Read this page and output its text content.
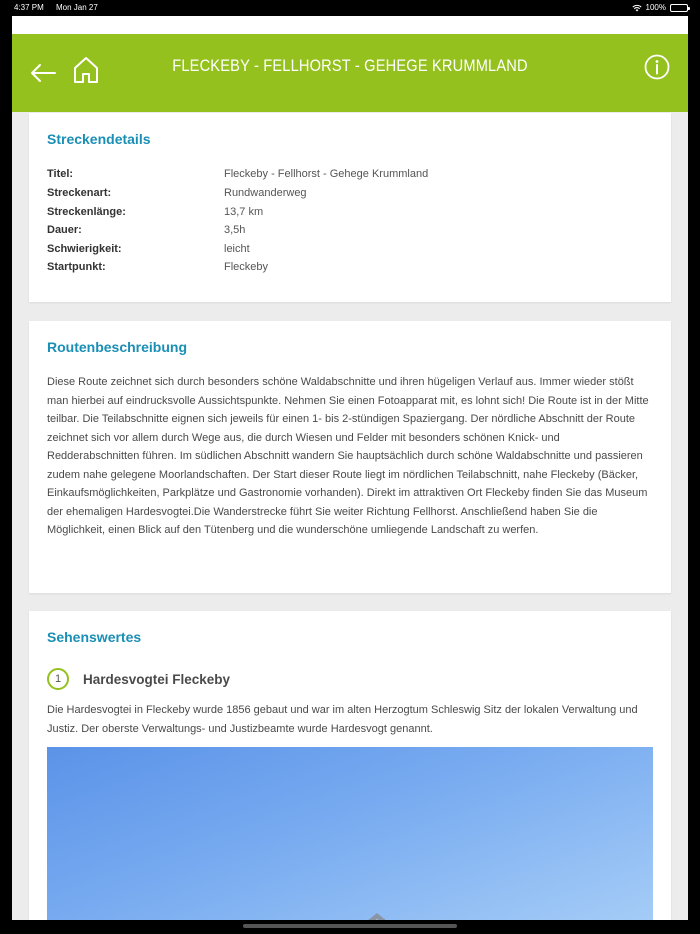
4:37 PM Mon Jan 27	100%
FLECKEBY - FELLHORST - GEHEGE KRUMMLAND
Streckendetails
Titel:	Fleckeby - Fellhorst - Gehege Krummland
Streckenart:	Rundwanderweg
Streckenlänge:	13,7 km
Dauer:	3,5h
Schwierigkeit:	leicht
Startpunkt:	Fleckeby
Routenbeschreibung

Diese Route zeichnet sich durch besonders schöne Waldabschnitte und ihren hügeligen Verlauf aus. Immer wieder stößt man hierbei auf eindrucksvolle Aussichtspunkte. Nehmen Sie einen Fotoapparat mit, es lohnt sich! Die Route ist in der Mitte teilbar. Die Teilabschnitte eignen sich jeweils für einen 1- bis 2-stündigen Spaziergang. Der nördliche Abschnitt der Route zeichnet sich vor allem durch Wege aus, die durch Wiesen und Felder mit besonders schönen Knick- und Redderabschnitten führen. Im südlichen Abschnitt wandern Sie hauptsächlich durch schöne Waldabschnitte und passieren zudem nahe gelegene Moorlandschaften. Der Start dieser Route liegt im nördlichen Teilabschnitt, nahe Fleckeby (Bäcker, Einkaufsmöglichkeiten, Parkplätze und Gastronomie vorhanden). Direkt im attraktiven Ort Fleckeby finden Sie das Museum der ehemaligen Hardesvogtei.Die Wanderstrecke führt Sie weiter Richtung Fellhorst. Anschließend haben Sie die Möglichkeit, einen Blick auf den Tütenberg und die wunderschöne umliegende Landschaft zu werfen.

Sehenswertes
1	Hardesvogtei Fleckeby

Die Hardesvogtei in Fleckeby wurde 1856 gebaut und war im alten Herzogtum Schleswig Sitz der lokalen Verwaltung und Justiz. Der oberste Verwaltungs- und Justizbeamte wurde Hardesvogt genannt.
